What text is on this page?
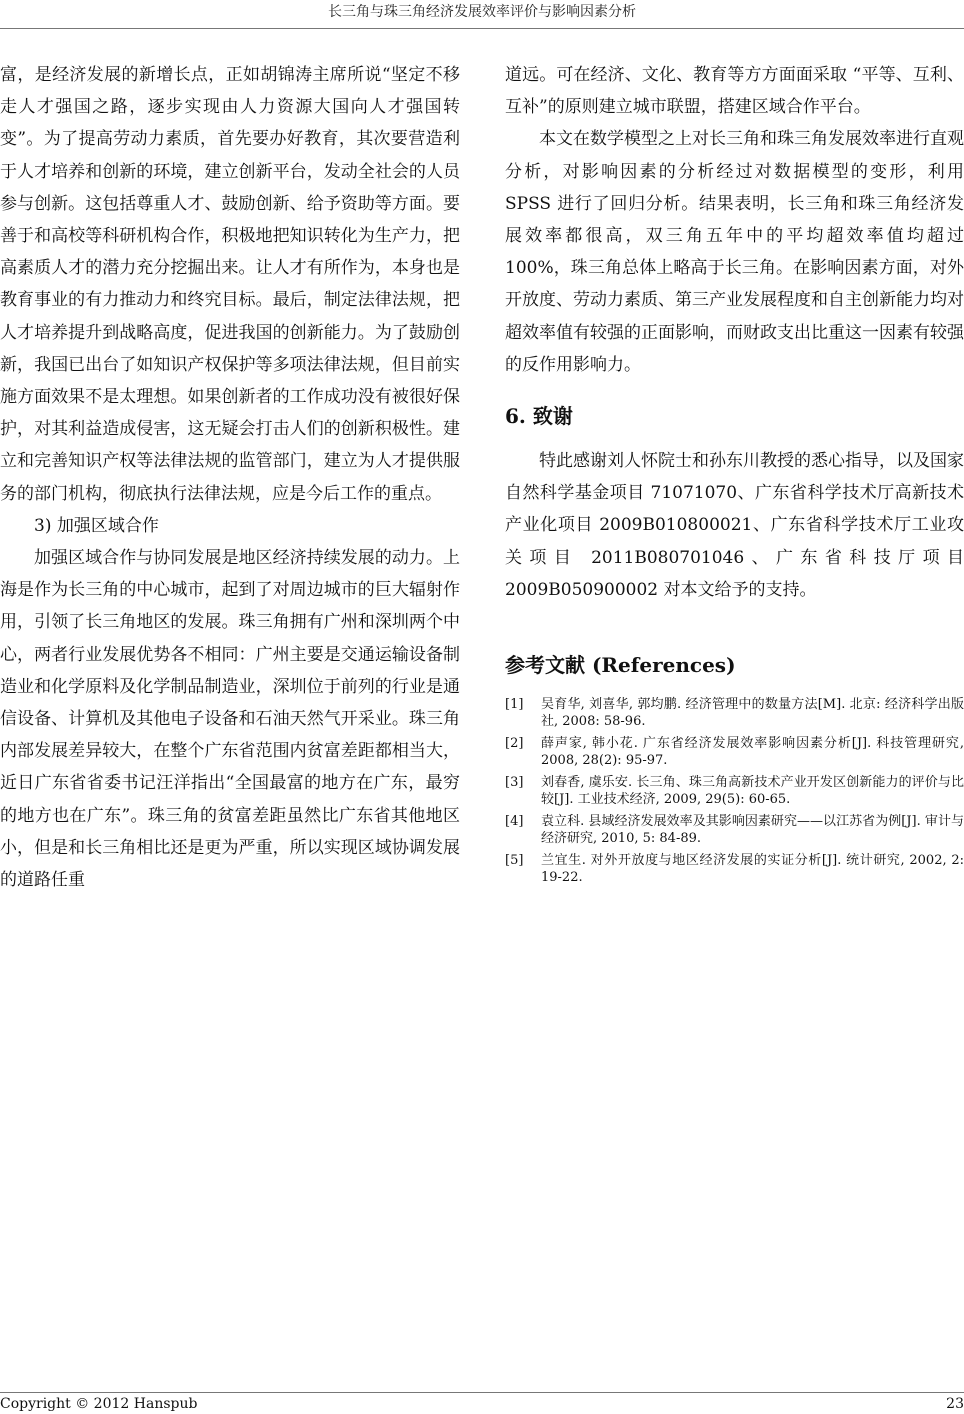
长三角与珠三角经济发展效率评价与影响因素分析

富，是经济发展的新增长点，正如胡锦涛主席所说“坚定不移走人才强国之路，逐步实现由人力资源大国向人才强国转变”。为了提高劳动力素质，首先要办好教育，其次要营造利于人才培养和创新的环境，建立创新平台，发动全社会的人员参与创新。这包括尊重人才、鼓励创新、给予资助等方面。要善于和高校等科研机构合作，积极地把知识转化为生产力，把高素质人才的潜力充分挖掘出来。让人才有所作为，本身也是教育事业的有力推动力和终究目标。最后，制定法律法规，把人才培养提升到战略高度，促进我国的创新能力。为了鼓励创新，我国已出台了如知识产权保护等多项法律法规，但目前实施方面效果不是太理想。如果创新者的工作成功没有被很好保护，对其利益造成侵害，这无疑会打击人们的创新积极性。建立和完善知识产权等法律法规的监管部门，建立为人才提供服务的部门机构，彻底执行法律法规，应是今后工作的重点。

3) 加强区域合作

加强区域合作与协同发展是地区经济持续发展的动力。上海是作为长三角的中心城市，起到了对周边城市的巨大辐射作用，引领了长三角地区的发展。珠三角拥有广州和深圳两个中心，两者行业发展优势各不相同：广州主要是交通运输设备制造业和化学原料及化学制品制造业，深圳位于前列的行业是通信设备、计算机及其他电子设备和石油天然气开采业。珠三角内部发展差异较大，在整个广东省范围内贫富差距都相当大，近日广东省省委书记汪洋指出“全国最富的地方在广东，最穷的地方也在广东”。珠三角的贫富差距虽然比广东省其他地区小，但是和长三角相比还是更为严重，所以实现区域协调发展的道路任重

道远。可在经济、文化、教育等方方面面采取 “平等、互利、互补”的原则建立城市联盟，搭建区域合作平台。

本文在数学模型之上对长三角和珠三角发展效率进行直观分析，对影响因素的分析经过对数据模型的变形，利用 SPSS 进行了回归分析。结果表明，长三角和珠三角经济发展效率都很高，双三角五年中的平均超效率值均超过 100%，珠三角总体上略高于长三角。在影响因素方面，对外开放度、劳动力素质、第三产业发展程度和自主创新能力均对超效率值有较强的正面影响，而财政支出比重这一因素有较强的反作用影响力。

6. 致谢

特此感谢刘人怀院士和孙东川教授的悉心指导，以及国家自然科学基金项目 71071070、广东省科学技术厅高新技术产业化项目 2009B010800021、广东省科学技术厅工业攻关项目 2011B080701046、广东省科技厅项目 2009B050900002 对本文给予的支持。

参考文献 (References)
[1] 吴育华, 刘喜华, 郭均鹏. 经济管理中的数量方法[M]. 北京: 经济科学出版社, 2008: 58-96.
[2] 薛声家, 韩小花. 广东省经济发展效率影响因素分析[J]. 科技管理研究, 2008, 28(2): 95-97.
[3] 刘春香, 虞乐安. 长三角、珠三角高新技术产业开发区创新能力的评价与比较[J]. 工业技术经济, 2009, 29(5): 60-65.
[4] 袁立科. 县域经济发展效率及其影响因素研究——以江苏省为例[J]. 审计与经济研究, 2010, 5: 84-89.
[5] 兰宜生. 对外开放度与地区经济发展的实证分析[J]. 统计研究, 2002, 2: 19-22.
Copyright © 2012 Hanspub	23
